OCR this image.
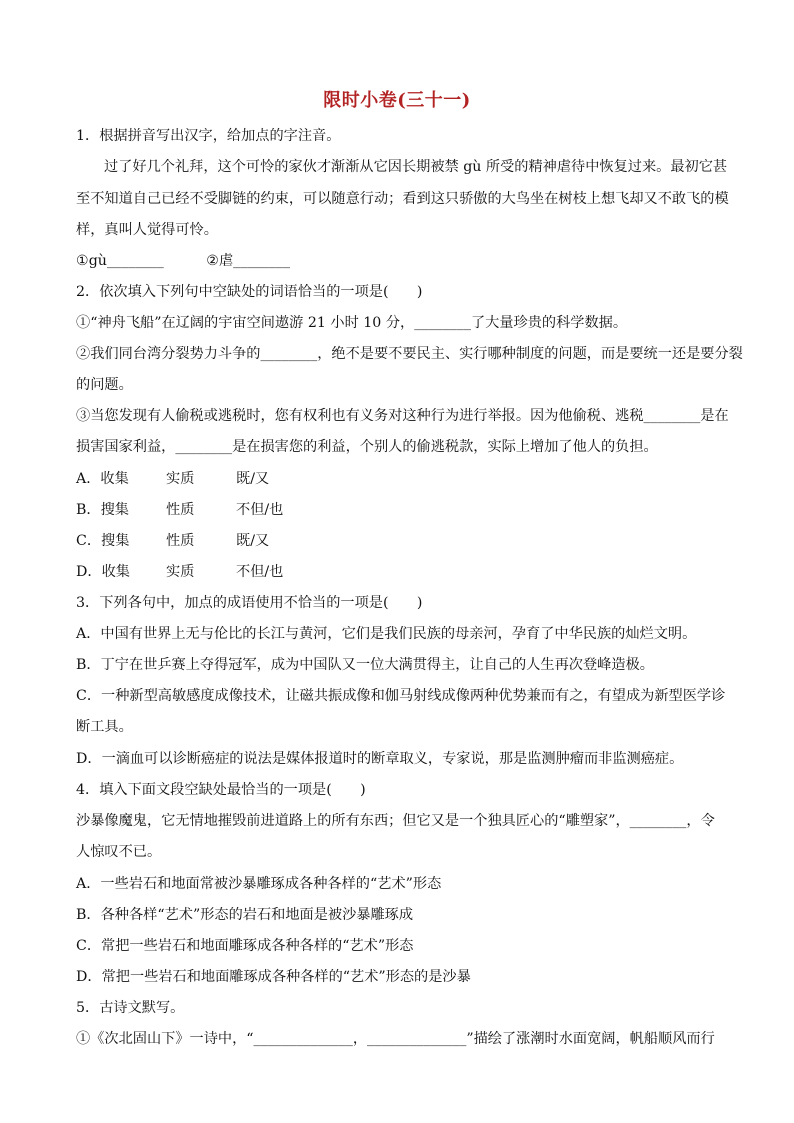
限时小卷(三十一)
1．根据拼音写出汉字，给加点的字注音。
过了好几个礼拜，这个可怜的家伙才渐渐从它因长期被禁 gù 所受的精神虐待中恢复过来。最初它甚
至不知道自己已经不受脚链的约束，可以随意行动；看到这只骄傲的大鸟坐在树枝上想飞却又不敢飞的模
样，真叫人觉得可怜。
①gù________　　　②虐________
2．依次填入下列句中空缺处的词语恰当的一项是(　　)
①“神舟飞船”在辽阔的宇宙空间遨游 21 小时 10 分，________了大量珍贵的科学数据。
②我们同台湾分裂势力斗争的________，绝不是要不要民主、实行哪种制度的问题，而是要统一还是要分裂
的问题。
③当您发现有人偷税或逃税时，您有权利也有义务对这种行为进行举报。因为他偷税、逃税________是在
损害国家利益，________是在损害您的利益，个别人的偷逃税款，实际上增加了他人的负担。
A．收集	实质	既/又
B．搜集	性质	不但/也
C．搜集	性质	既/又
D．收集	实质	不但/也
3．下列各句中，加点的成语使用不恰当的一项是(　　)
A．中国有世界上无与伦比的长江与黄河，它们是我们民族的母亲河，孕育了中华民族的灿烂文明。
B．丁宁在世乒赛上夺得冠军，成为中国队又一位大满贯得主，让自己的人生再次登峰造极。
C．一种新型高敏感度成像技术，让磁共振成像和伽马射线成像两种优势兼而有之，有望成为新型医学诊
断工具。
D．一滴血可以诊断癌症的说法是媒体报道时的断章取义，专家说，那是监测肿瘤而非监测癌症。
4．填入下面文段空缺处最恰当的一项是(　　)
沙暴像魔鬼，它无情地摧毁前进道路上的所有东西；但它又是一个独具匠心的“雕塑家”，________，令
人惊叹不已。
A．一些岩石和地面常被沙暴雕琢成各种各样的“艺术”形态
B．各种各样“艺术”形态的岩石和地面是被沙暴雕琢成
C．常把一些岩石和地面雕琢成各种各样的“艺术”形态
D．常把一些岩石和地面雕琢成各种各样的“艺术”形态的是沙暴
5．古诗文默写。
①《次北固山下》一诗中，“______________，______________”描绘了涨潮时水面宽阔，帆船顺风而行
